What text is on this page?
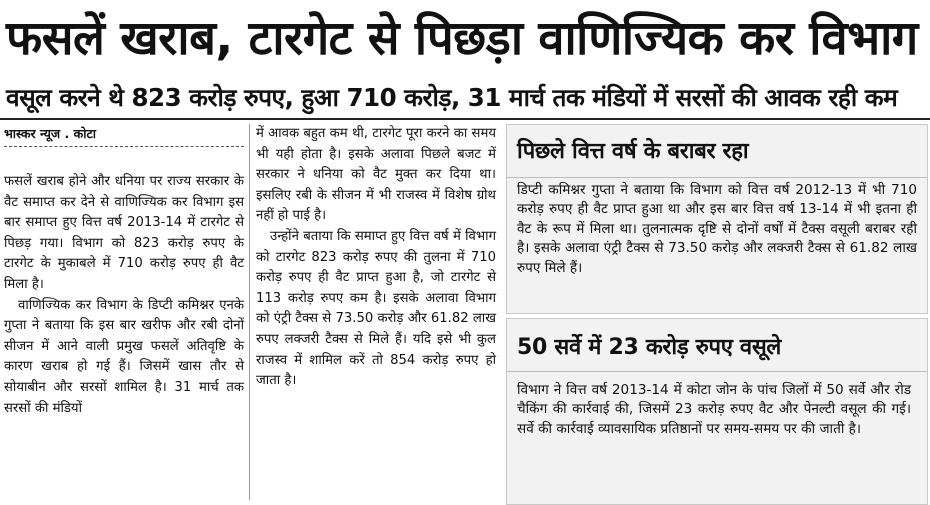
फसलें खराब, टारगेट से पिछड़ा वाणिज्यिक कर विभाग
वसूल करने थे 823 करोड़ रुपए, हुआ 710 करोड़, 31 मार्च तक मंडियों में सरसों की आवक रही कम
भास्कर न्यूज . कोटा

फसलें खराब होने और धनिया पर राज्य सरकार के वैट समाप्त कर देने से वाणिज्यिक कर विभाग इस बार समाप्त हुए वित्त वर्ष 2013-14 में टारगेट से पिछड़ गया। विभाग को 823 करोड़ रुपए के टारगेट के मुकाबले में 710 करोड़ रुपए ही वैट मिला है।

वाणिज्यिक कर विभाग के डिप्टी कमिश्नर एनके गुप्ता ने बताया कि इस बार खरीफ और रबी दोनों सीजन में आने वाली प्रमुख फसलें अतिवृष्टि के कारण खराब हो गई हैं। जिसमें खास तौर से सोयाबीन और सरसों शामिल है। 31 मार्च तक सरसों की मंडियों

में आवक बहुत कम थी, टारगेट पूरा करने का समय भी यही होता है। इसके अलावा पिछले बजट में सरकार ने धनिया को वैट मुक्त कर दिया था। इसलिए रबी के सीजन में भी राजस्व में विशेष ग्रोथ नहीं हो पाई है।

उन्होंने बताया कि समाप्त हुए वित्त वर्ष में विभाग को टारगेट 823 करोड़ रुपए की तुलना में 710 करोड़ रुपए ही वैट प्राप्त हुआ है, जो टारगेट से 113 करोड़ रुपए कम है। इसके अलावा विभाग को एंट्री टैक्स से 73.50 करोड़ और 61.82 लाख रुपए लक्जरी टैक्स से मिले हैं। यदि इसे भी कुल राजस्व में शामिल करें तो 854 करोड़ रुपए हो जाता है।

पिछले वित्त वर्ष के बराबर रहा
डिप्टी कमिश्नर गुप्ता ने बताया कि विभाग को वित्त वर्ष 2012-13 में भी 710 करोड़ रुपए ही वैट प्राप्त हुआ था और इस बार वित्त वर्ष 13-14 में भी इतना ही वैट के रूप में मिला था। तुलनात्मक दृष्टि से दोनों वर्षों में टैक्स वसूली बराबर रही है। इसके अलावा एंट्री टैक्स से 73.50 करोड़ और लक्जरी टैक्स से 61.82 लाख रुपए मिले हैं।
50 सर्वे में 23 करोड़ रुपए वसूले
विभाग ने वित्त वर्ष 2013-14 में कोटा जोन के पांच जिलों में 50 सर्वे और रोड चैकिंग की कार्रवाई की, जिसमें 23 करोड़ रुपए वैट और पेनल्टी वसूल की गई। सर्वे की कार्रवाई व्यावसायिक प्रतिष्ठानों पर समय-समय पर की जाती है।
